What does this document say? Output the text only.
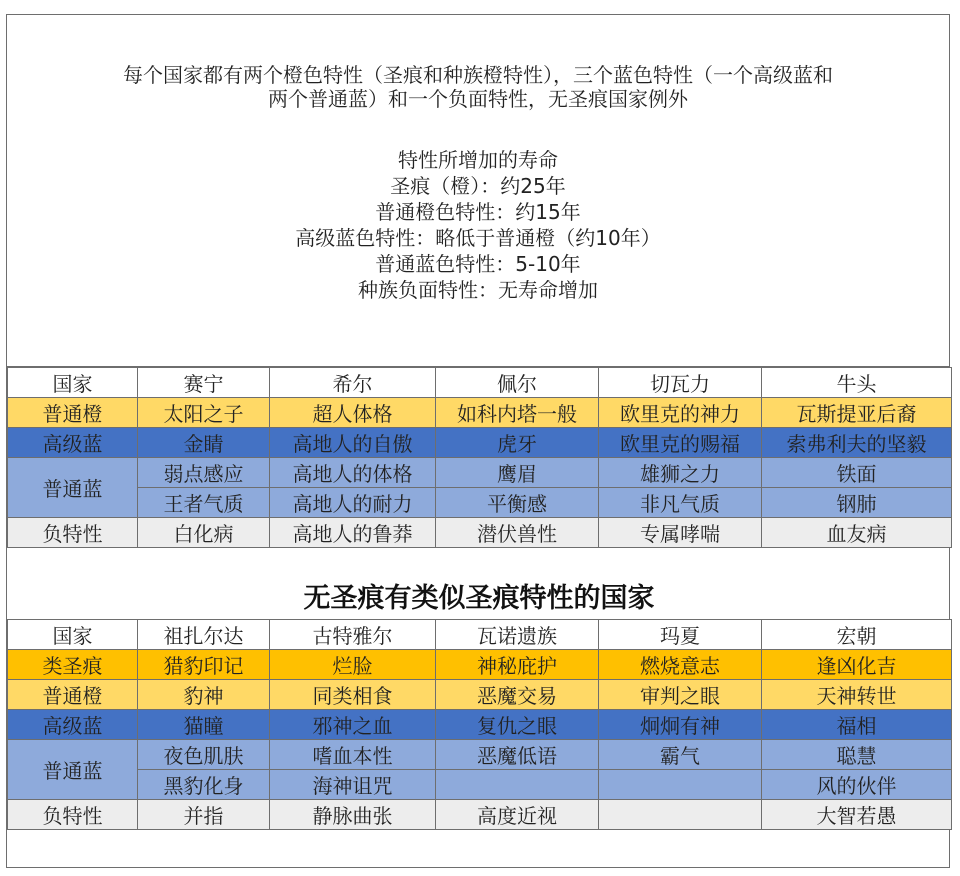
每个国家都有两个橙色特性（圣痕和种族橙特性），三个蓝色特性（一个高级蓝和
两个普通蓝）和一个负面特性，无圣痕国家例外
特性所增加的寿命
圣痕（橙）：约25年
普通橙色特性：约15年
高级蓝色特性：略低于普通橙（约10年）
普通蓝色特性：5-10年
种族负面特性：无寿命增加
国家	赛宁	希尔	佩尔	切瓦力	牛头
普通橙	太阳之子	超人体格	如科内塔一般	欧里克的神力	瓦斯提亚后裔
高级蓝	金睛	高地人的自傲	虎牙	欧里克的赐福	索弗利夫的坚毅
普通蓝	弱点感应	高地人的体格	鹰眉	雄狮之力	铁面
	王者气质	高地人的耐力	平衡感	非凡气质	钢肺
负特性	白化病	高地人的鲁莽	潜伏兽性	专属哮喘	血友病
无圣痕有类似圣痕特性的国家
国家	祖扎尔达	古特雅尔	瓦诺遗族	玛夏	宏朝
类圣痕	猎豹印记	烂脸	神秘庇护	燃烧意志	逢凶化吉
普通橙	豹神	同类相食	恶魔交易	审判之眼	天神转世
高级蓝	猫瞳	邪神之血	复仇之眼	炯炯有神	福相
普通蓝	夜色肌肤	嗜血本性	恶魔低语	霸气	聪慧
	黑豹化身	海神诅咒			风的伙伴
负特性	并指	静脉曲张	高度近视		大智若愚
